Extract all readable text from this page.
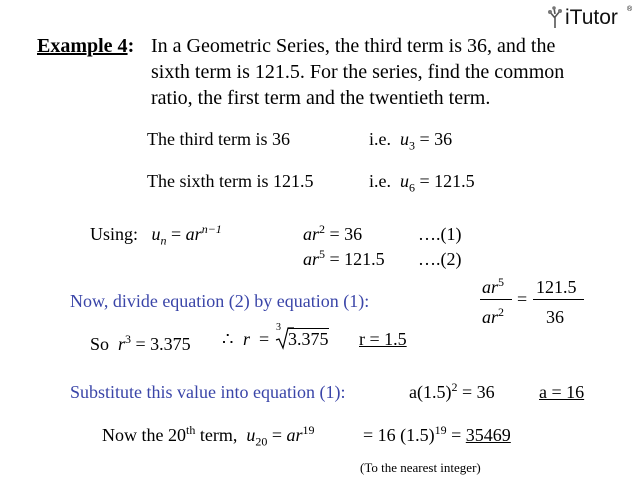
iTutor ®
Example 4: In a Geometric Series, the third term is 36, and the
sixth term is 121.5. For the series, find the common
ratio, the first term and the twentieth term.
The third term is 36	i.e. $u_3 = 36$
The sixth term is 121.5	i.e. $u_6 = 121.5$
Using: $u_n = ar^{n-1}$	$ar^2 = 36$	….(1)
$ar^5 = 121.5$ ….(2)
Now, divide equation (2) by equation (1):
$ar^5$
$ar^2$
=
121.5
36
So $r^3 = 3.375$ ∴ r =
3
3.375 r = 1.5
Substitute this value into equation (1):	$a(1.5)^2 = 36$ a = 16
Now the 20th term, $u_{20} = ar^{19}$	= 16 $(1.5)^{19} = 35469$
(To the nearest integer)
